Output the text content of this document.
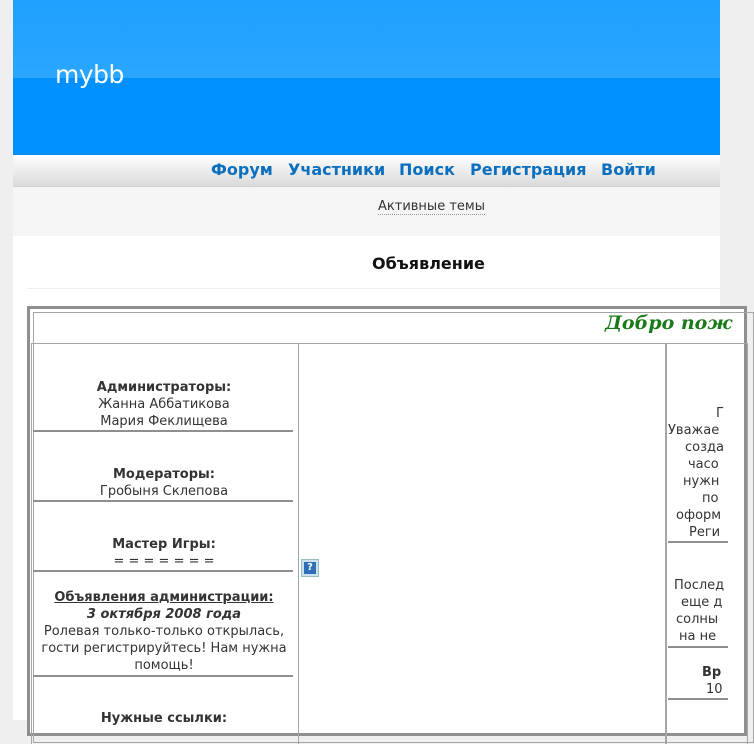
mybb
Форум Участники Поиск Регистрация Войти
Активные темы
Объявление
Добро пож
Администраторы:
Жанна Аббатикова
Мария Феклищева
Модераторы:
Гробыня Склепова
Мастер Игры:
= = = = = = =
Объявления администрации:
3 октября 2008 года
Ролевая только-только открылась,
гости регистрируйтесь! Нам нужна
помощь!
Нужные ссылки:
?
Г
Уважае
созда
часо
нужн
по
оформ
Реги
Послед
еще д
солны
на не
Вр
10
